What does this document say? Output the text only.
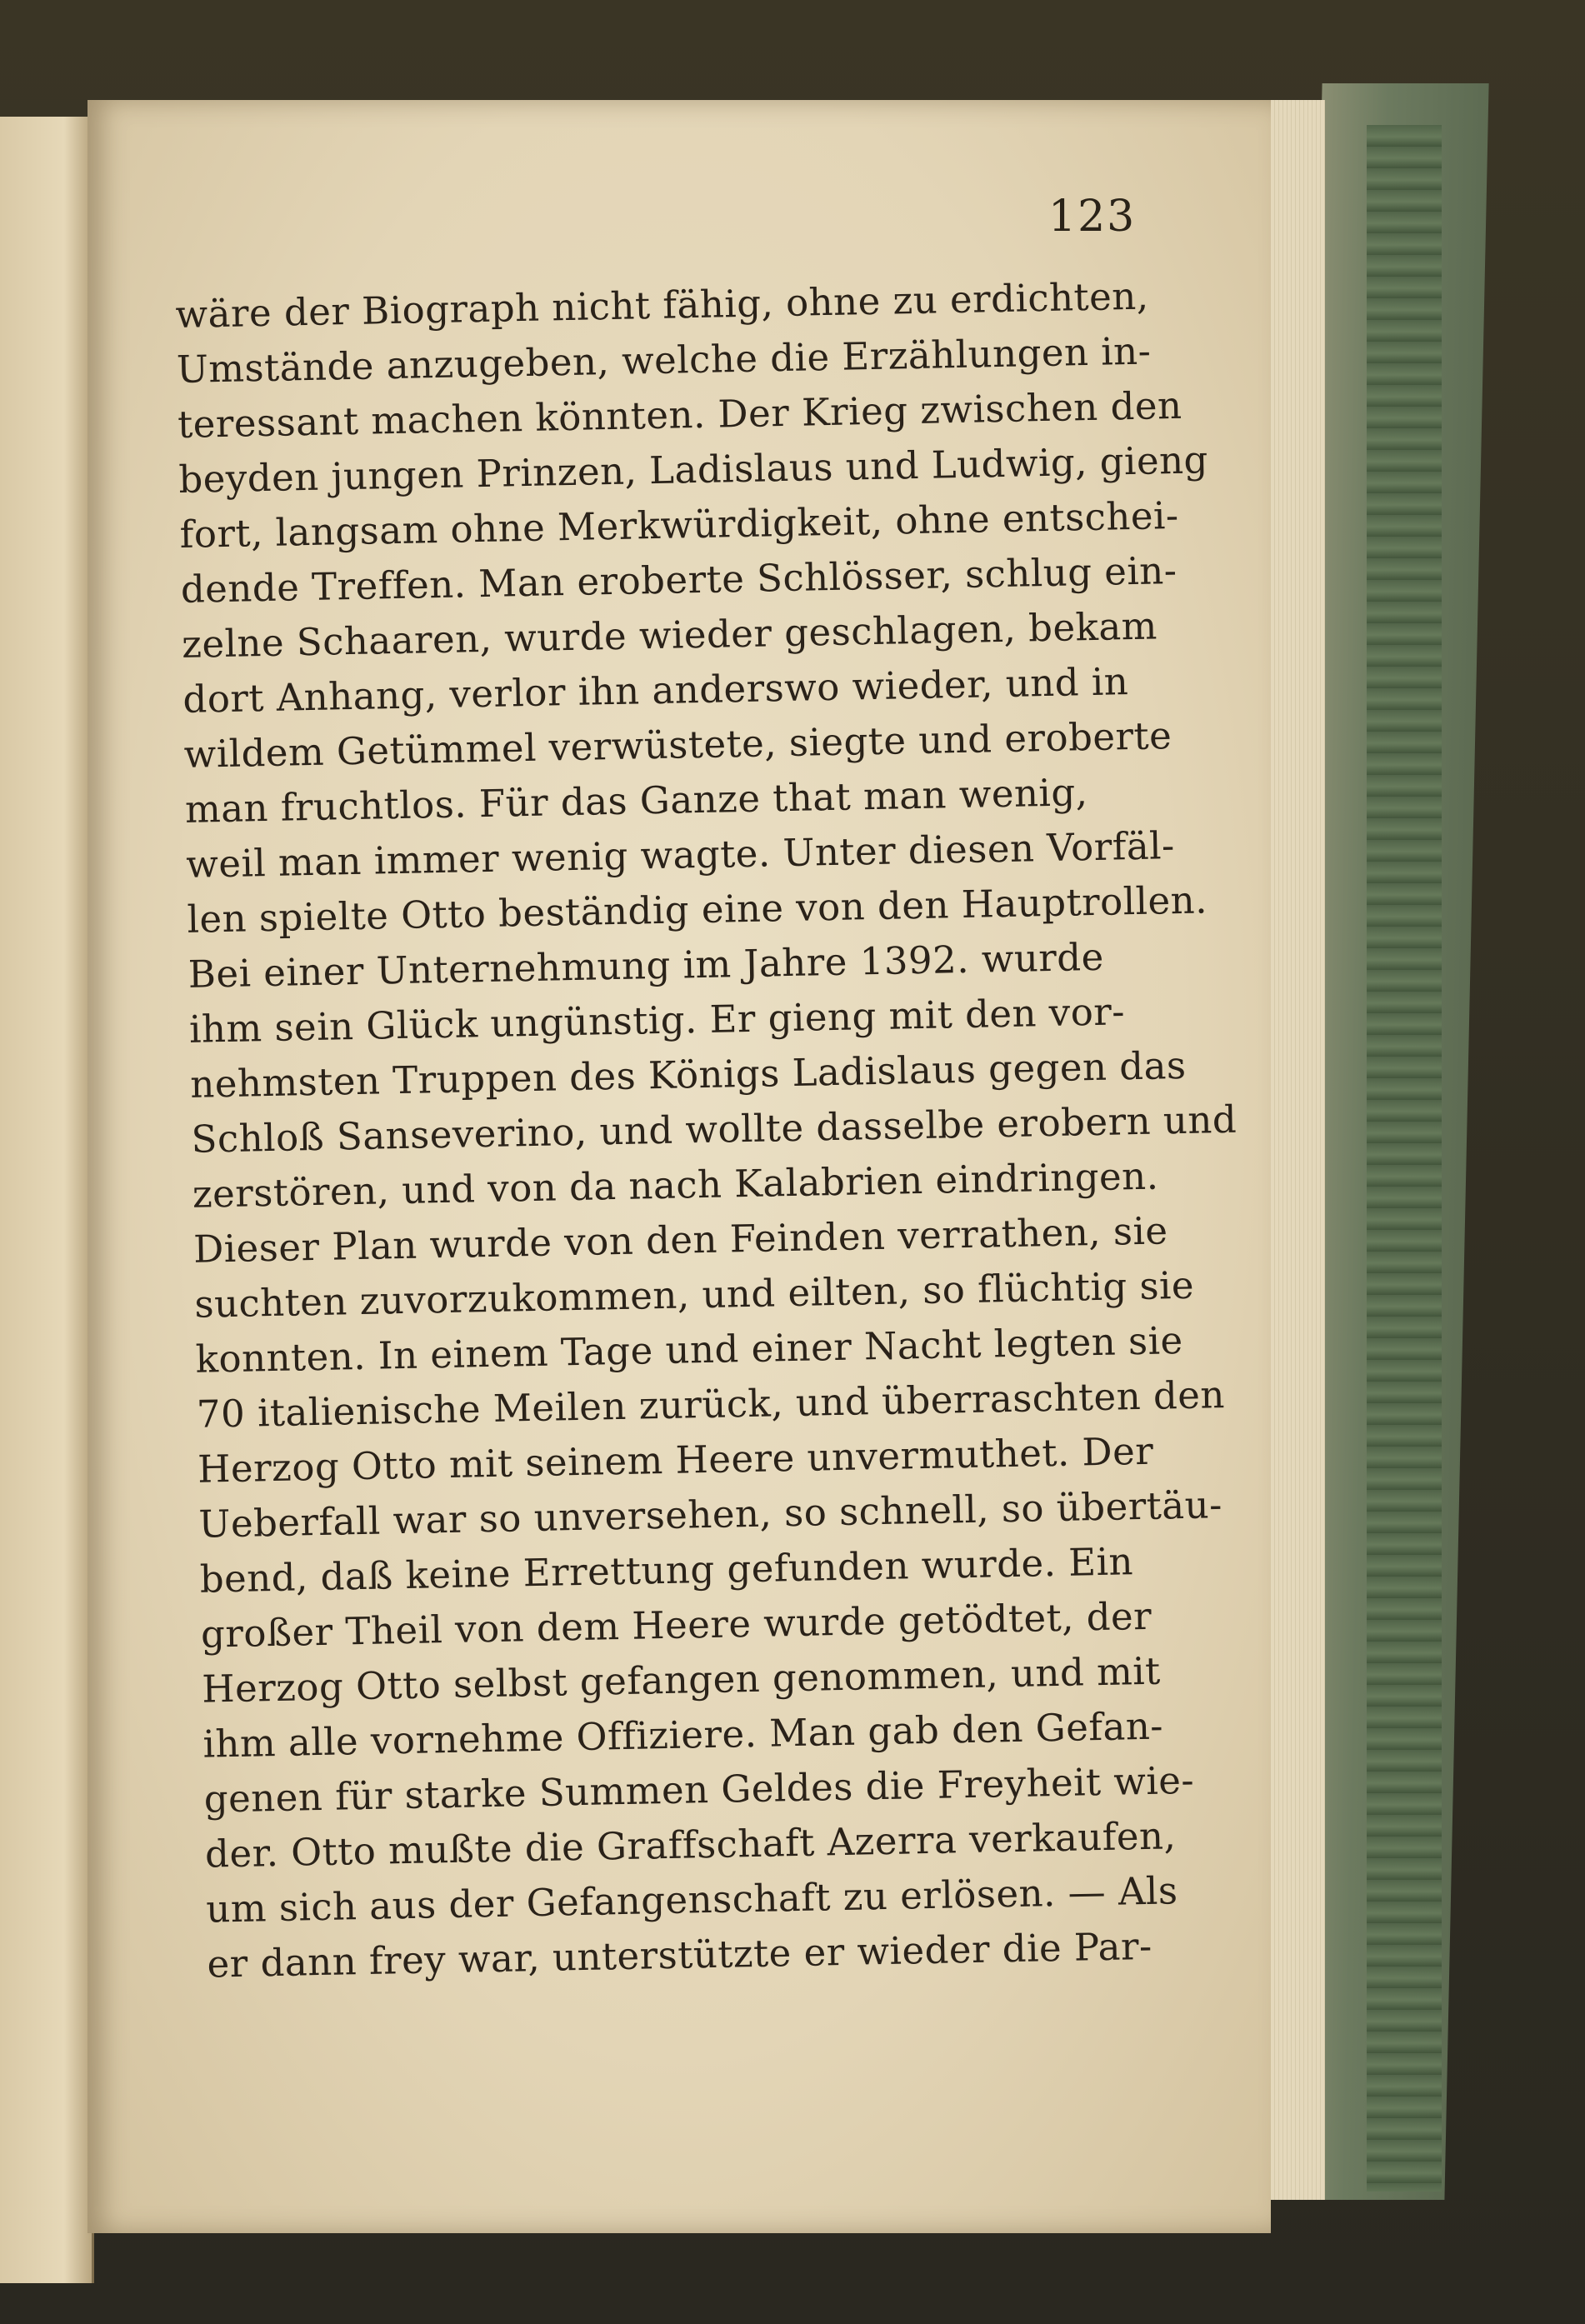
123
wäre der Biograph nicht fähig, ohne zu erdichten,
Umstände anzugeben, welche die Erzählungen in-
teressant machen könnten. Der Krieg zwischen den
beyden jungen Prinzen, Ladislaus und Ludwig, gieng
fort, langsam ohne Merkwürdigkeit, ohne entschei-
dende Treffen. Man eroberte Schlösser, schlug ein-
zelne Schaaren, wurde wieder geschlagen, bekam
dort Anhang, verlor ihn anderswo wieder, und in
wildem Getümmel verwüstete, siegte und eroberte
man fruchtlos. Für das Ganze that man wenig,
weil man immer wenig wagte. Unter diesen Vorfäl-
len spielte Otto beständig eine von den Hauptrollen.
Bei einer Unternehmung im Jahre 1392. wurde
ihm sein Glück ungünstig. Er gieng mit den vor-
nehmsten Truppen des Königs Ladislaus gegen das
Schloß Sanseverino, und wollte dasselbe erobern und
zerstören, und von da nach Kalabrien eindringen.
Dieser Plan wurde von den Feinden verrathen, sie
suchten zuvorzukommen, und eilten, so flüchtig sie
konnten. In einem Tage und einer Nacht legten sie
70 italienische Meilen zurück, und überraschten den
Herzog Otto mit seinem Heere unvermuthet. Der
Ueberfall war so unversehen, so schnell, so übertäu-
bend, daß keine Errettung gefunden wurde. Ein
großer Theil von dem Heere wurde getödtet, der
Herzog Otto selbst gefangen genommen, und mit
ihm alle vornehme Offiziere. Man gab den Gefan-
genen für starke Summen Geldes die Freyheit wie-
der. Otto mußte die Graffschaft Azerra verkaufen,
um sich aus der Gefangenschaft zu erlösen. — Als
er dann frey war, unterstützte er wieder die Par-
